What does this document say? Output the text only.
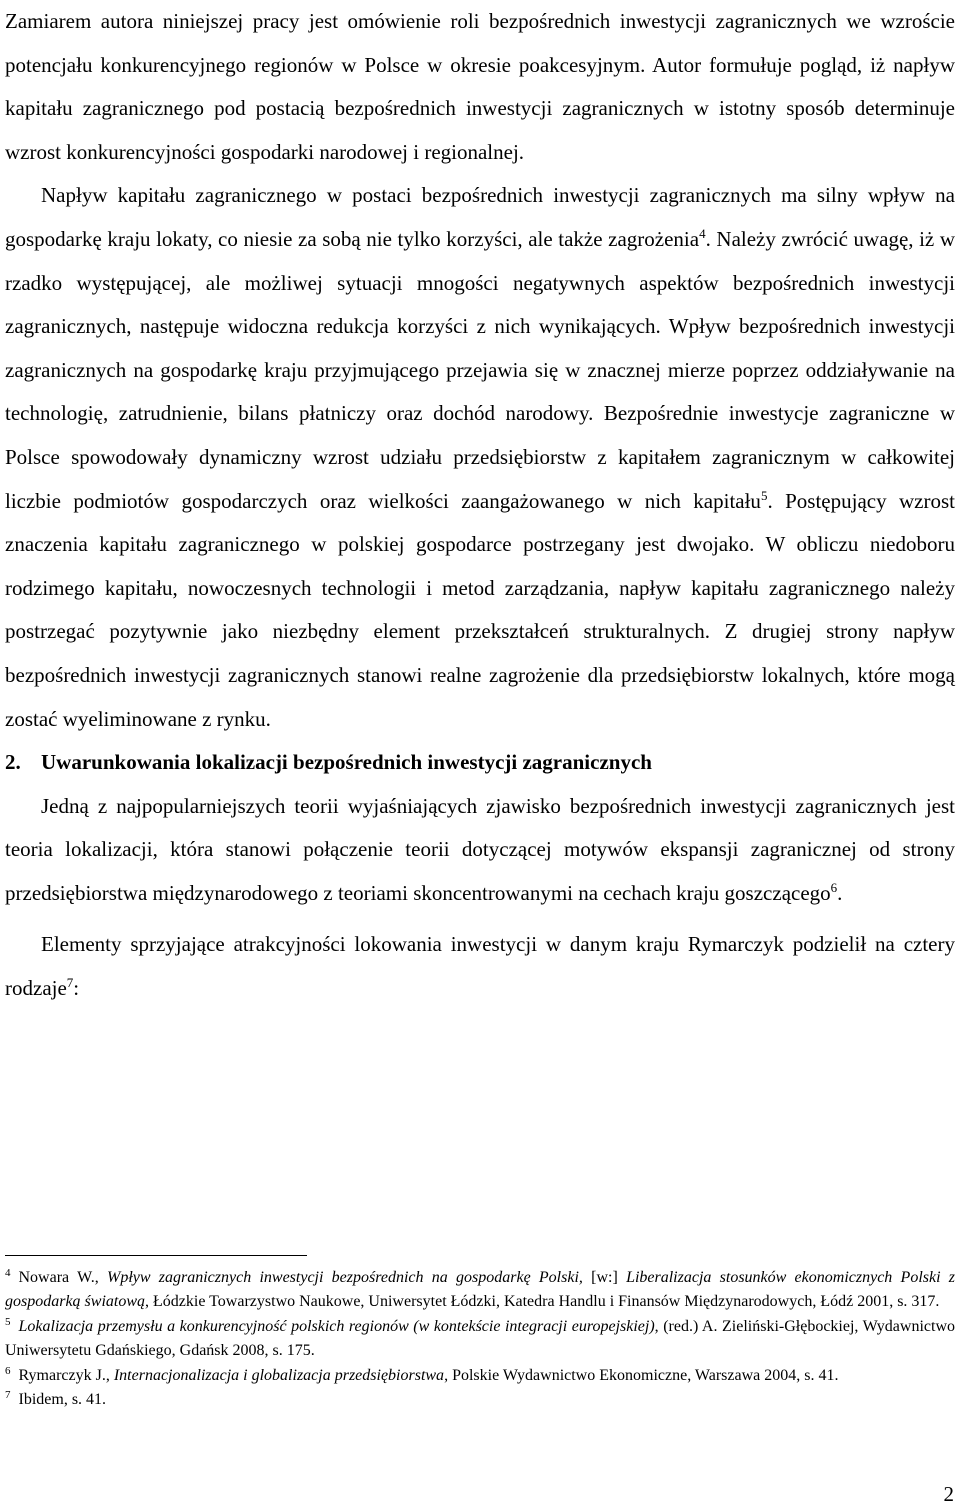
Zamiarem autora niniejszej pracy jest omówienie roli bezpośrednich inwestycji zagranicznych we wzroście potencjału konkurencyjnego regionów w Polsce w okresie poakcesyjnym. Autor formułuje pogląd, iż napływ kapitału zagranicznego pod postacią bezpośrednich inwestycji zagranicznych w istotny sposób determinuje wzrost konkurencyjności gospodarki narodowej i regionalnej.

Napływ kapitału zagranicznego w postaci bezpośrednich inwestycji zagranicznych ma silny wpływ na gospodarkę kraju lokaty, co niesie za sobą nie tylko korzyści, ale także zagrożenia$^4$. Należy zwrócić uwagę, iż w rzadko występującej, ale możliwej sytuacji mnogości negatywnych aspektów bezpośrednich inwestycji zagranicznych, następuje widoczna redukcja korzyści z nich wynikających. Wpływ bezpośrednich inwestycji zagranicznych na gospodarkę kraju przyjmującego przejawia się w znacznej mierze poprzez oddziaływanie na technologię, zatrudnienie, bilans płatniczy oraz dochód narodowy. Bezpośrednie inwestycje zagraniczne w Polsce spowodowały dynamiczny wzrost udziału przedsiębiorstw z kapitałem zagranicznym w całkowitej liczbie podmiotów gospodarczych oraz wielkości zaangażowanego w nich kapitału$^5$. Postępujący wzrost znaczenia kapitału zagranicznego w polskiej gospodarce postrzegany jest dwojako. W obliczu niedoboru rodzimego kapitału, nowoczesnych technologii i metod zarządzania, napływ kapitału zagranicznego należy postrzegać pozytywnie jako niezbędny element przekształceń strukturalnych. Z drugiej strony napływ bezpośrednich inwestycji zagranicznych stanowi realne zagrożenie dla przedsiębiorstw lokalnych, które mogą zostać wyeliminowane z rynku.

2. Uwarunkowania lokalizacji bezpośrednich inwestycji zagranicznych

Jedną z najpopularniejszych teorii wyjaśniających zjawisko bezpośrednich inwestycji zagranicznych jest teoria lokalizacji, która stanowi połączenie teorii dotyczącej motywów ekspansji zagranicznej od strony przedsiębiorstwa międzynarodowego z teoriami skoncentrowanymi na cechach kraju goszczącego$^6$.

Elementy sprzyjające atrakcyjności lokowania inwestycji w danym kraju Rymarczyk podzielił na cztery rodzaje$^7$:

$^4$ Nowara W., Wpływ zagranicznych inwestycji bezpośrednich na gospodarkę Polski, [w:] Liberalizacja stosunków ekonomicznych Polski z gospodarką światową, Łódzkie Towarzystwo Naukowe, Uniwersytet Łódzki, Katedra Handlu i Finansów Międzynarodowych, Łódź 2001, s. 317.

$^5$ Lokalizacja przemysłu a konkurencyjność polskich regionów (w kontekście integracji europejskiej), (red.) A. Zieliński-Głębockiej, Wydawnictwo Uniwersytetu Gdańskiego, Gdańsk 2008, s. 175.

$^6$ Rymarczyk J., Internacjonalizacja i globalizacja przedsiębiorstwa, Polskie Wydawnictwo Ekonomiczne, Warszawa 2004, s. 41.

$^7$ Ibidem, s. 41.

2
